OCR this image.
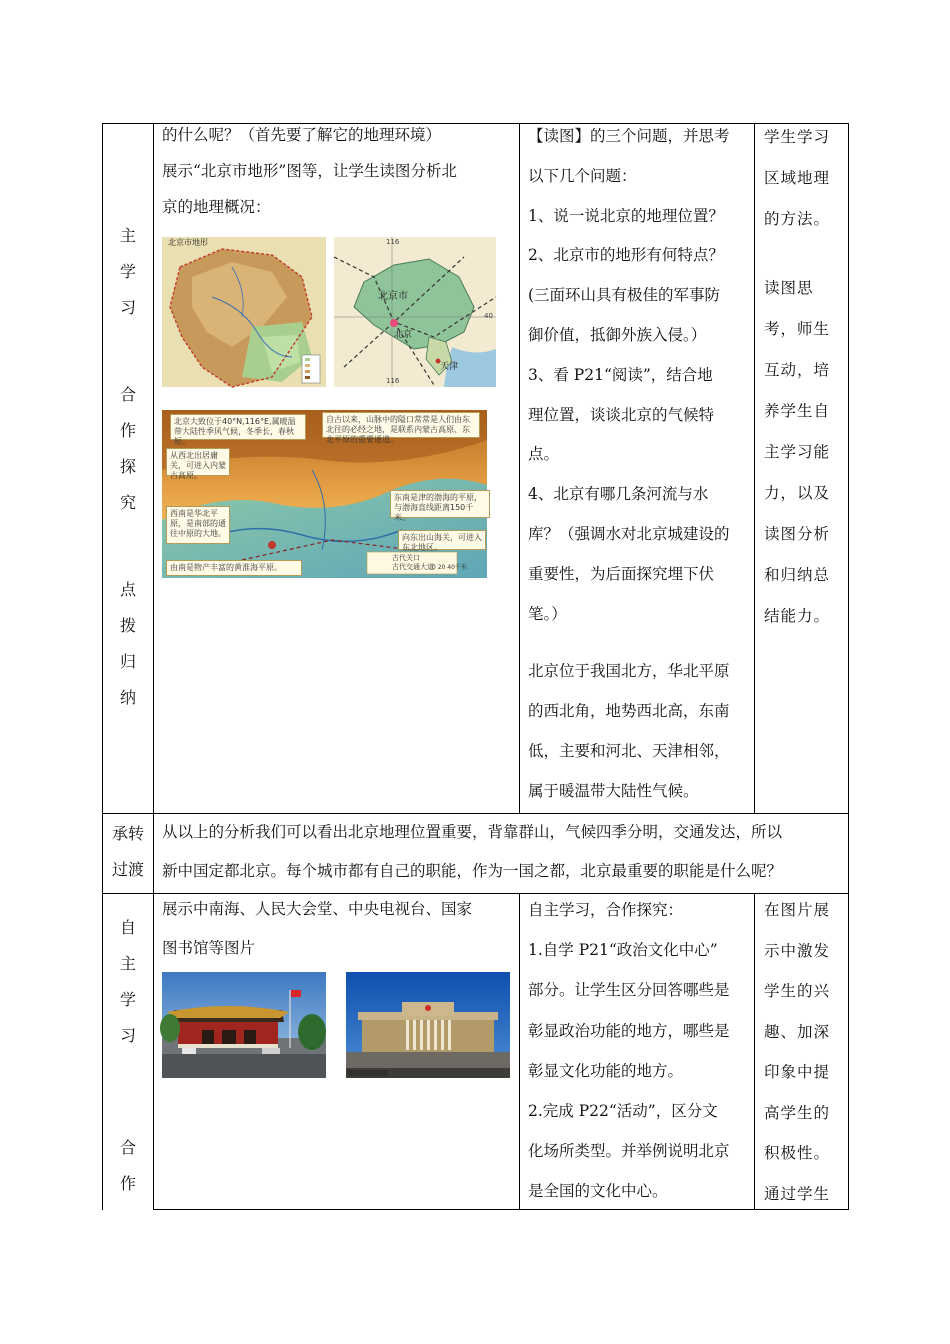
主
学
习
合
作
探
究
点
拨
归
纳
的什么呢？（首先要了解它的地理环境）
展示“北京市地形”图等，让学生读图分析北
京的地理概况：
北京市地形
北京市
北京
天津
116
116
40
北京大致位于40°N,116°E,属暖温带大陆性季风气候，冬季长，春秋短。
自古以来，山脉中的隘口常常是人们由东北往的必经之地，是联系内蒙古高原、东北平原的重要通道。
从西北出居庸关，可进入内蒙古高原。
东南是津的渤海的平原，与渤海直线距离150千米。
西南是华北平原，是南部的通往中原的大地。	向东出山海关，可进入东北地区。
由南是物产丰富的黄淮海平原。
古代关口
古代交通大道
0 20 40千米
【读图】的三个问题，并思考
以下几个问题：
1、说一说北京的地理位置？
2、北京市的地形有何特点？
(三面环山具有极佳的军事防
御价值，抵御外族入侵。）
3、看 P21“阅读”，结合地
理位置，谈谈北京的气候特
点。
4、北京有哪几条河流与水
库？（强调水对北京城建设的
重要性，为后面探究埋下伏
笔。）
北京位于我国北方，华北平原
的西北角，地势西北高，东南
低，主要和河北、天津相邻，
属于暖温带大陆性气候。
学生学习
区域地理
的方法。
读图思
考，师生
互动，培
养学生自
主学习能
力，以及
读图分析
和归纳总
结能力。
承转
过渡
从以上的分析我们可以看出北京地理位置重要，背靠群山，气候四季分明，交通发达，所以
新中国定都北京。每个城市都有自己的职能，作为一国之都，北京最重要的职能是什么呢？
自
主
学
习
合
作
展示中南海、人民大会堂、中央电视台、国家
图书馆等图片
自主学习，合作探究：
1.自学 P21“政治文化中心”
部分。让学生区分回答哪些是
彰显政治功能的地方，哪些是
彰显文化功能的地方。
2.完成 P22“活动”，区分文
化场所类型。并举例说明北京
是全国的文化中心。
在图片展
示中激发
学生的兴
趣、加深
印象中提
高学生的
积极性。
通过学生
